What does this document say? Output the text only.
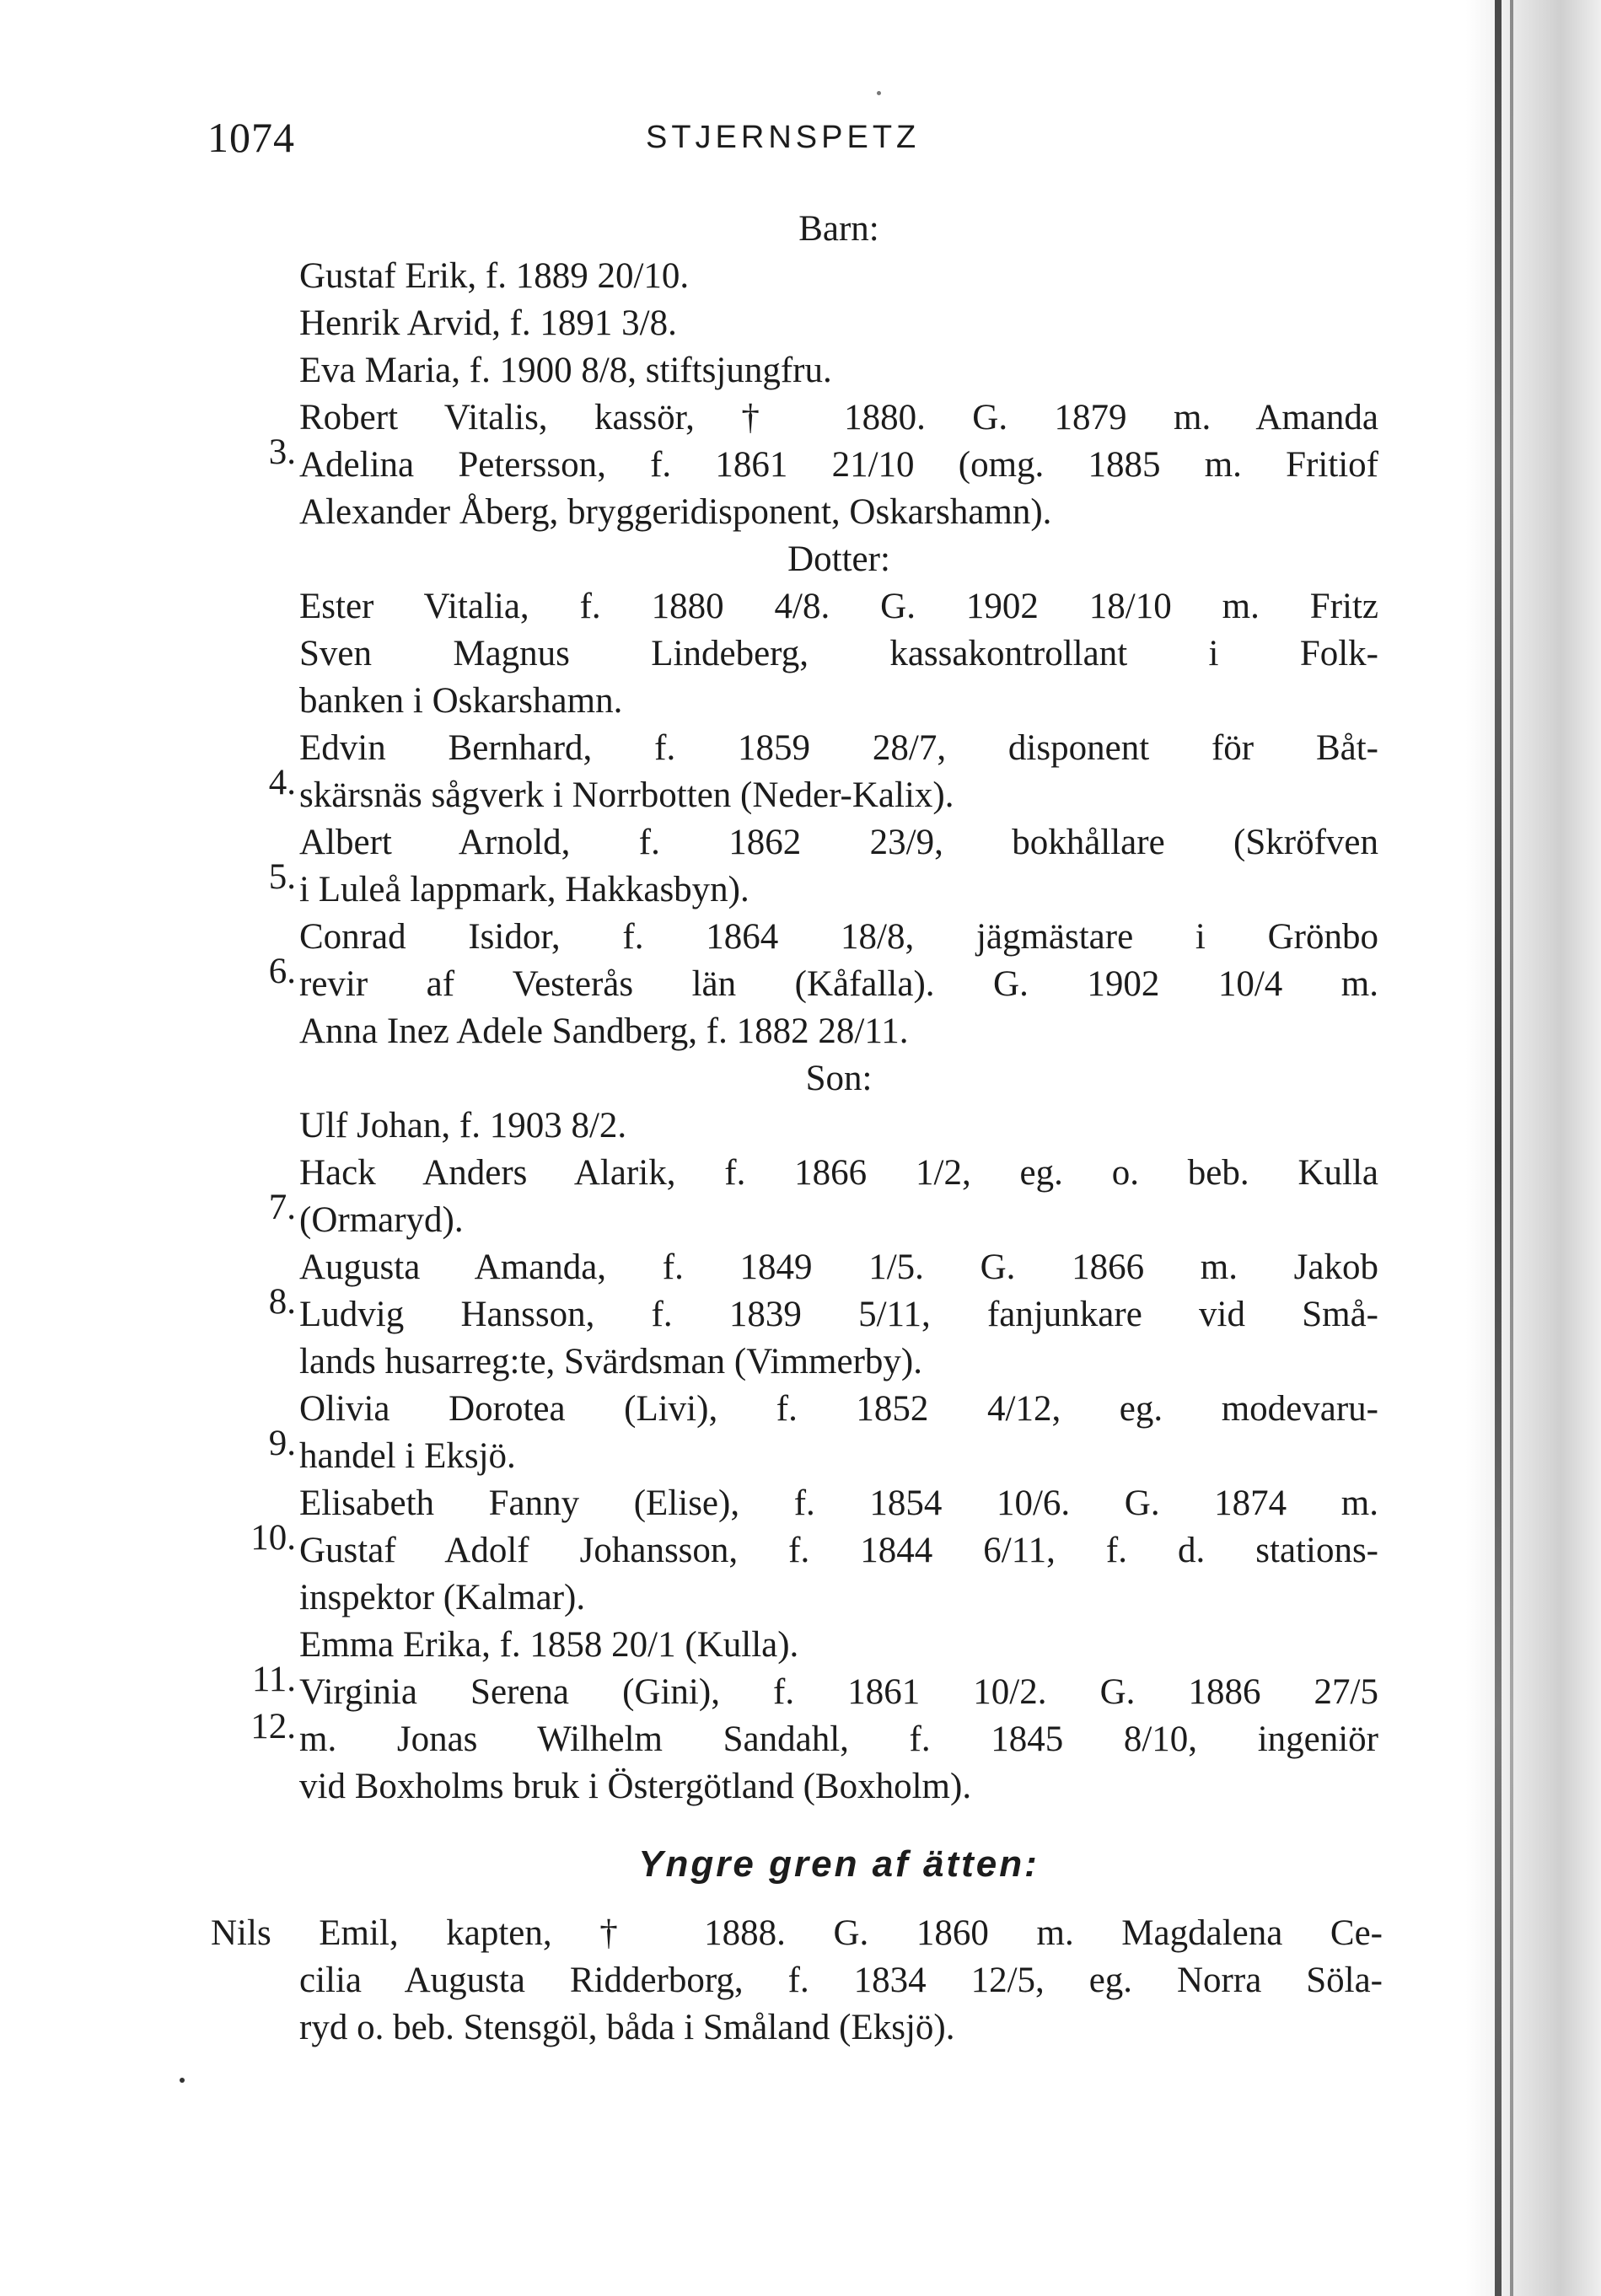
1074	STJERNSPETZ

Barn:

Gustaf Erik, f. 1889 20/10.

Henrik Arvid, f. 1891 3/8.

Eva Maria, f. 1900 8/8, stiftsjungfru.

3.
Robert Vitalis, kassör, † 1880. G. 1879 m. Amanda

Adelina Petersson, f. 1861 21/10 (omg. 1885 m. Fritiof

Alexander Åberg, bryggeridisponent, Oskarshamn).

Dotter:

Ester Vitalia, f. 1880 4/8. G. 1902 18/10 m. Fritz

Sven Magnus Lindeberg, kassakontrollant i Folk-

banken i Oskarshamn.

4.
Edvin Bernhard, f. 1859 28/7, disponent för Båt-

skärsnäs sågverk i Norrbotten (Neder-Kalix).

5.
Albert Arnold, f. 1862 23/9, bokhållare (Skröfven

i Luleå lappmark, Hakkasbyn).

6.
Conrad Isidor, f. 1864 18/8, jägmästare i Grönbo

revir af Vesterås län (Kåfalla). G. 1902 10/4 m.

Anna Inez Adele Sandberg, f. 1882 28/11.

Son:

Ulf Johan, f. 1903 8/2.

7.
Hack Anders Alarik, f. 1866 1/2, eg. o. beb. Kulla

(Ormaryd).

8.
Augusta Amanda, f. 1849 1/5. G. 1866 m. Jakob

Ludvig Hansson, f. 1839 5/11, fanjunkare vid Små-

lands husarreg:te, Svärdsman (Vimmerby).

9.
Olivia Dorotea (Livi), f. 1852 4/12, eg. modevaru-

handel i Eksjö.

10.
Elisabeth Fanny (Elise), f. 1854 10/6. G. 1874 m.

Gustaf Adolf Johansson, f. 1844 6/11, f. d. stations-

inspektor (Kalmar).

11.
Emma Erika, f. 1858 20/1 (Kulla).

12.
Virginia Serena (Gini), f. 1861 10/2. G. 1886 27/5

m. Jonas Wilhelm Sandahl, f. 1845 8/10, ingeniör

vid Boxholms bruk i Östergötland (Boxholm).

Yngre gren af ätten:

Nils Emil, kapten, † 1888. G. 1860 m. Magdalena Ce-

cilia Augusta Ridderborg, f. 1834 12/5, eg. Norra Söla-

ryd o. beb. Stensgöl, båda i Småland (Eksjö).
